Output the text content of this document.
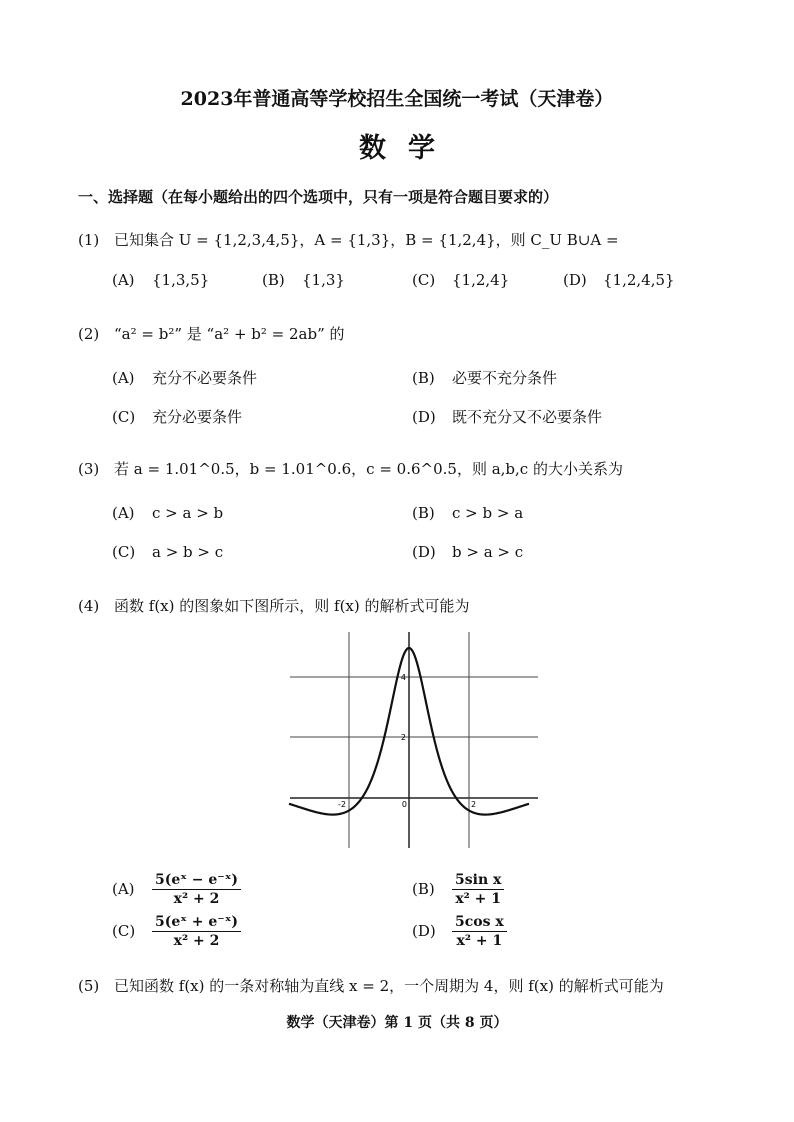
2023年普通高等学校招生全国统一考试（天津卷）
数学
一、选择题（在每小题给出的四个选项中，只有一项是符合题目要求的）
(1) 已知集合 U = {1,2,3,4,5}，A = {1,3}，B = {1,2,4}，则 C_U B∪A =
(A) {1,3,5}	(B) {1,3}	(C) {1,2,4}	(D) {1,2,4,5}
(2) “a² = b²” 是 “a² + b² = 2ab” 的
(A) 充分不必要条件	(B) 必要不充分条件
(C) 充分必要条件	(D) 既不充分又不必要条件
(3) 若 a = 1.01^0.5，b = 1.01^0.6，c = 0.6^0.5，则 a,b,c 的大小关系为
(A) c > a > b	(B) c > b > a
(C) a > b > c	(D) b > a > c
(4) 函数 f(x) 的图象如下图所示，则 f(x) 的解析式可能为
-2	0	2
2
4
$(A) \frac{\text{5(eˣ − e⁻ˣ)}}{\text{x² + 2}}$	$(B) \frac{\text{5sin x}}{\text{x² + 1}}$
$(C) \frac{\text{5(eˣ + e⁻ˣ)}}{\text{x² + 2}}$	$(D) \frac{\text{5cos x}}{\text{x² + 1}}$
(5) 已知函数 f(x) 的一条对称轴为直线 x = 2，一个周期为 4，则 f(x) 的解析式可能为
数学（天津卷）第 1 页（共 8 页）
